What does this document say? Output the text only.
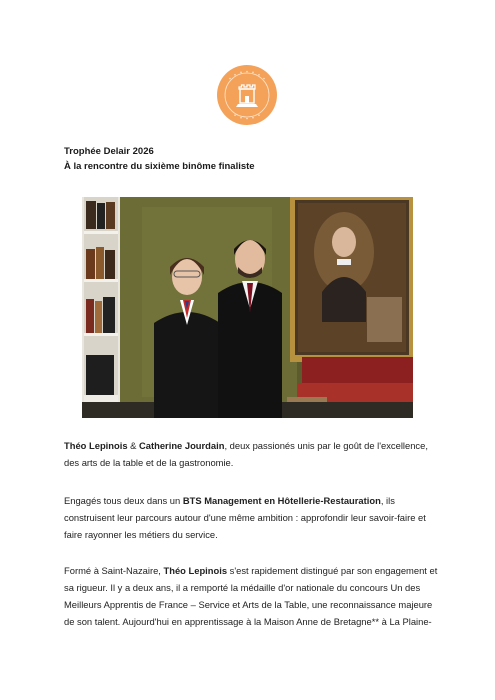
Trophée Delair 2026
À la rencontre du sixième binôme finaliste
Théo Lepinois & Catherine Jourdain, deux passionés unis par le goût de l'excellence, des arts de la table et de la gastronomie.
Engagés tous deux dans un BTS Management en Hôtellerie-Restauration, ils construisent leur parcours autour d'une même ambition : approfondir leur savoir-faire et faire rayonner les métiers du service.
Formé à Saint-Nazaire, Théo Lepinois s'est rapidement distingué par son engagement et sa rigueur. Il y a deux ans, il a remporté la médaille d'or nationale du concours Un des Meilleurs Apprentis de France – Service et Arts de la Table, une reconnaissance majeure de son talent. Aujourd'hui en apprentissage à la Maison Anne de Bretagne** à La Plaine-
